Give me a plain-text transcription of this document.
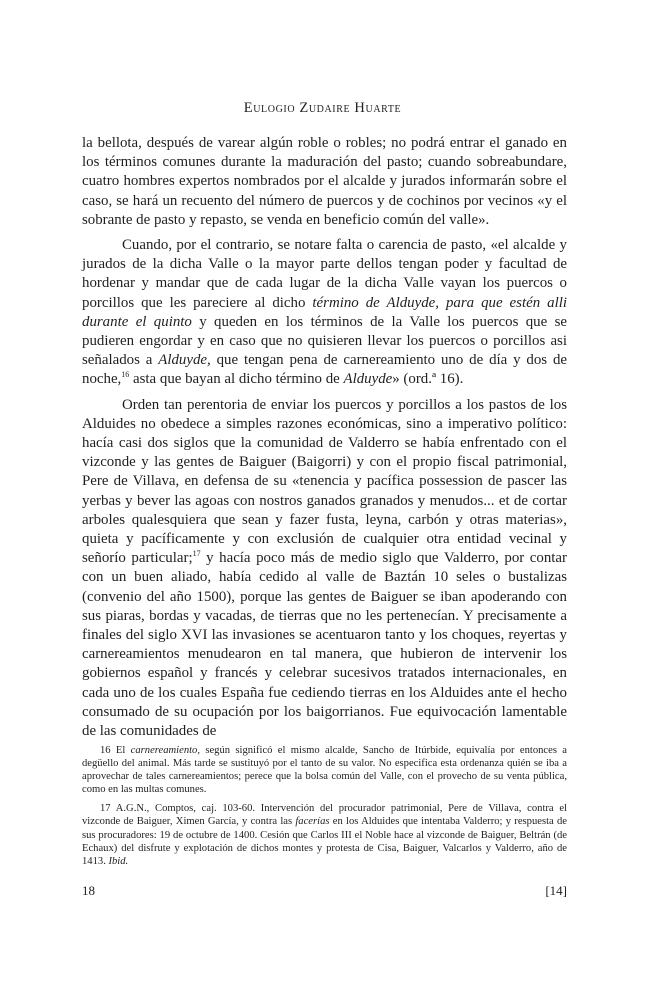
Eulogio Zudaire Huarte

la bellota, después de varear algún roble o robles; no podrá entrar el ganado en los términos comunes durante la maduración del pasto; cuando sobreabundare, cuatro hombres expertos nombrados por el alcalde y jurados informarán sobre el caso, se hará un recuento del número de puercos y de cochinos por vecinos «y el sobrante de pasto y repasto, se venda en beneficio común del valle».

Cuando, por el contrario, se notare falta o carencia de pasto, «el alcalde y jurados de la dicha Valle o la mayor parte dellos tengan poder y facultad de hordenar y mandar que de cada lugar de la dicha Valle vayan los puercos o porcillos que les pareciere al dicho término de Alduyde, para que estén alli durante el quinto y queden en los términos de la Valle los puercos que se pudieren engordar y en caso que no quisieren llevar los puercos o porcillos asi señalados a Alduyde, que tengan pena de carnereamiento uno de día y dos de noche,$^{16}$ asta que bayan al dicho término de Alduyde» (ord.ª 16).

Orden tan perentoria de enviar los puercos y porcillos a los pastos de los Alduides no obedece a simples razones económicas, sino a imperativo político: hacía casi dos siglos que la comunidad de Valderro se había enfrentado con el vizconde y las gentes de Baiguer (Baigorri) y con el propio fiscal patrimonial, Pere de Villava, en defensa de su «tenencia y pacífica possession de pascer las yerbas y bever las agoas con nostros ganados granados y menudos... et de cortar arboles qualesquiera que sean y fazer fusta, leyna, carbón y otras materias», quieta y pacíficamente y con exclusión de cualquier otra entidad vecinal y señorío particular;$^{17}$ y hacía poco más de medio siglo que Valderro, por contar con un buen aliado, había cedido al valle de Baztán 10 seles o bustalizas (convenio del año 1500), porque las gentes de Baiguer se iban apoderando con sus piaras, bordas y vacadas, de tierras que no les pertenecían. Y precisamente a finales del siglo XVI las invasiones se acentuaron tanto y los choques, reyertas y carnereamientos menudearon en tal manera, que hubieron de intervenir los gobiernos español y francés y celebrar sucesivos tratados internacionales, en cada uno de los cuales España fue cediendo tierras en los Alduides ante el hecho consumado de su ocupación por los baigorrianos. Fue equivocación lamentable de las comunidades de

16 El carnereamiento, según significó el mismo alcalde, Sancho de Itúrbide, equivalía por entonces a degüello del animal. Más tarde se sustituyó por el tanto de su valor. No especifica esta ordenanza quién se iba a aprovechar de tales carnereamientos; perece que la bolsa común del Valle, con el provecho de su venta pública, como en las multas comunes.

17 A.G.N., Comptos, caj. 103-60. Intervención del procurador patrimonial, Pere de Villava, contra el vizconde de Baiguer, Ximen García, y contra las facerías en los Alduides que intentaba Valderro; y respuesta de sus procuradores: 19 de octubre de 1400. Cesión que Carlos III el Noble hace al vizconde de Baiguer, Beltrán (de Echaux) del disfrute y explotación de dichos montes y protesta de Cisa, Baiguer, Valcarlos y Valderro, año de 1413. Ibid.

18	[14]
